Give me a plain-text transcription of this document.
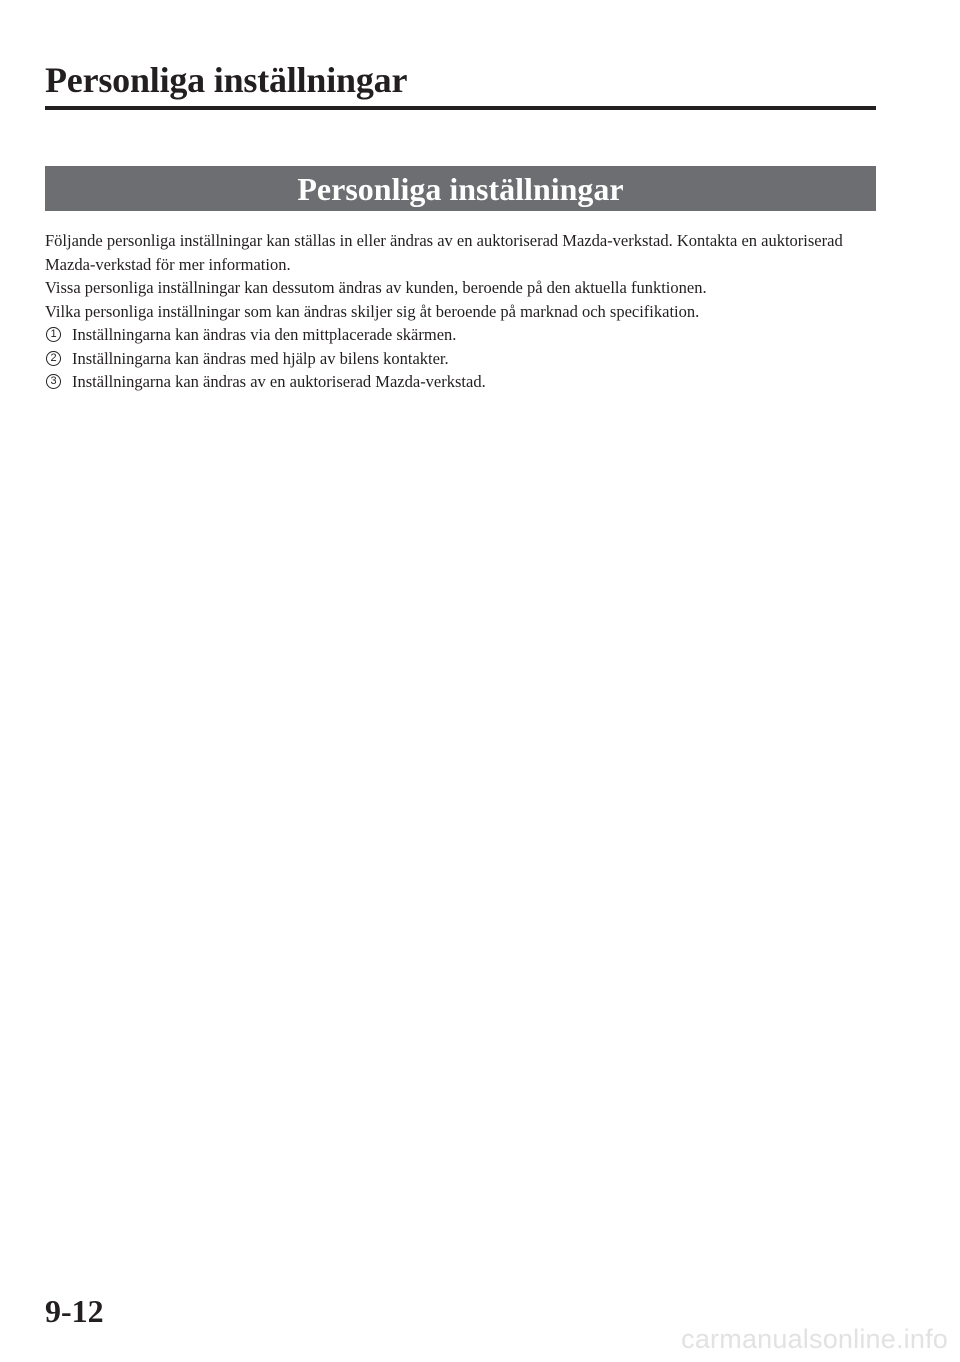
Personliga inställningar
Personliga inställningar

Följande personliga inställningar kan ställas in eller ändras av en auktoriserad Mazda-verkstad. Kontakta en auktoriserad Mazda-verkstad för mer information.

Vissa personliga inställningar kan dessutom ändras av kunden, beroende på den aktuella funktionen.

Vilka personliga inställningar som kan ändras skiljer sig åt beroende på marknad och specifikation.

1 Inställningarna kan ändras via den mittplacerade skärmen.
2 Inställningarna kan ändras med hjälp av bilens kontakter.
3 Inställningarna kan ändras av en auktoriserad Mazda-verkstad.
9-12
carmanualsonline.info
